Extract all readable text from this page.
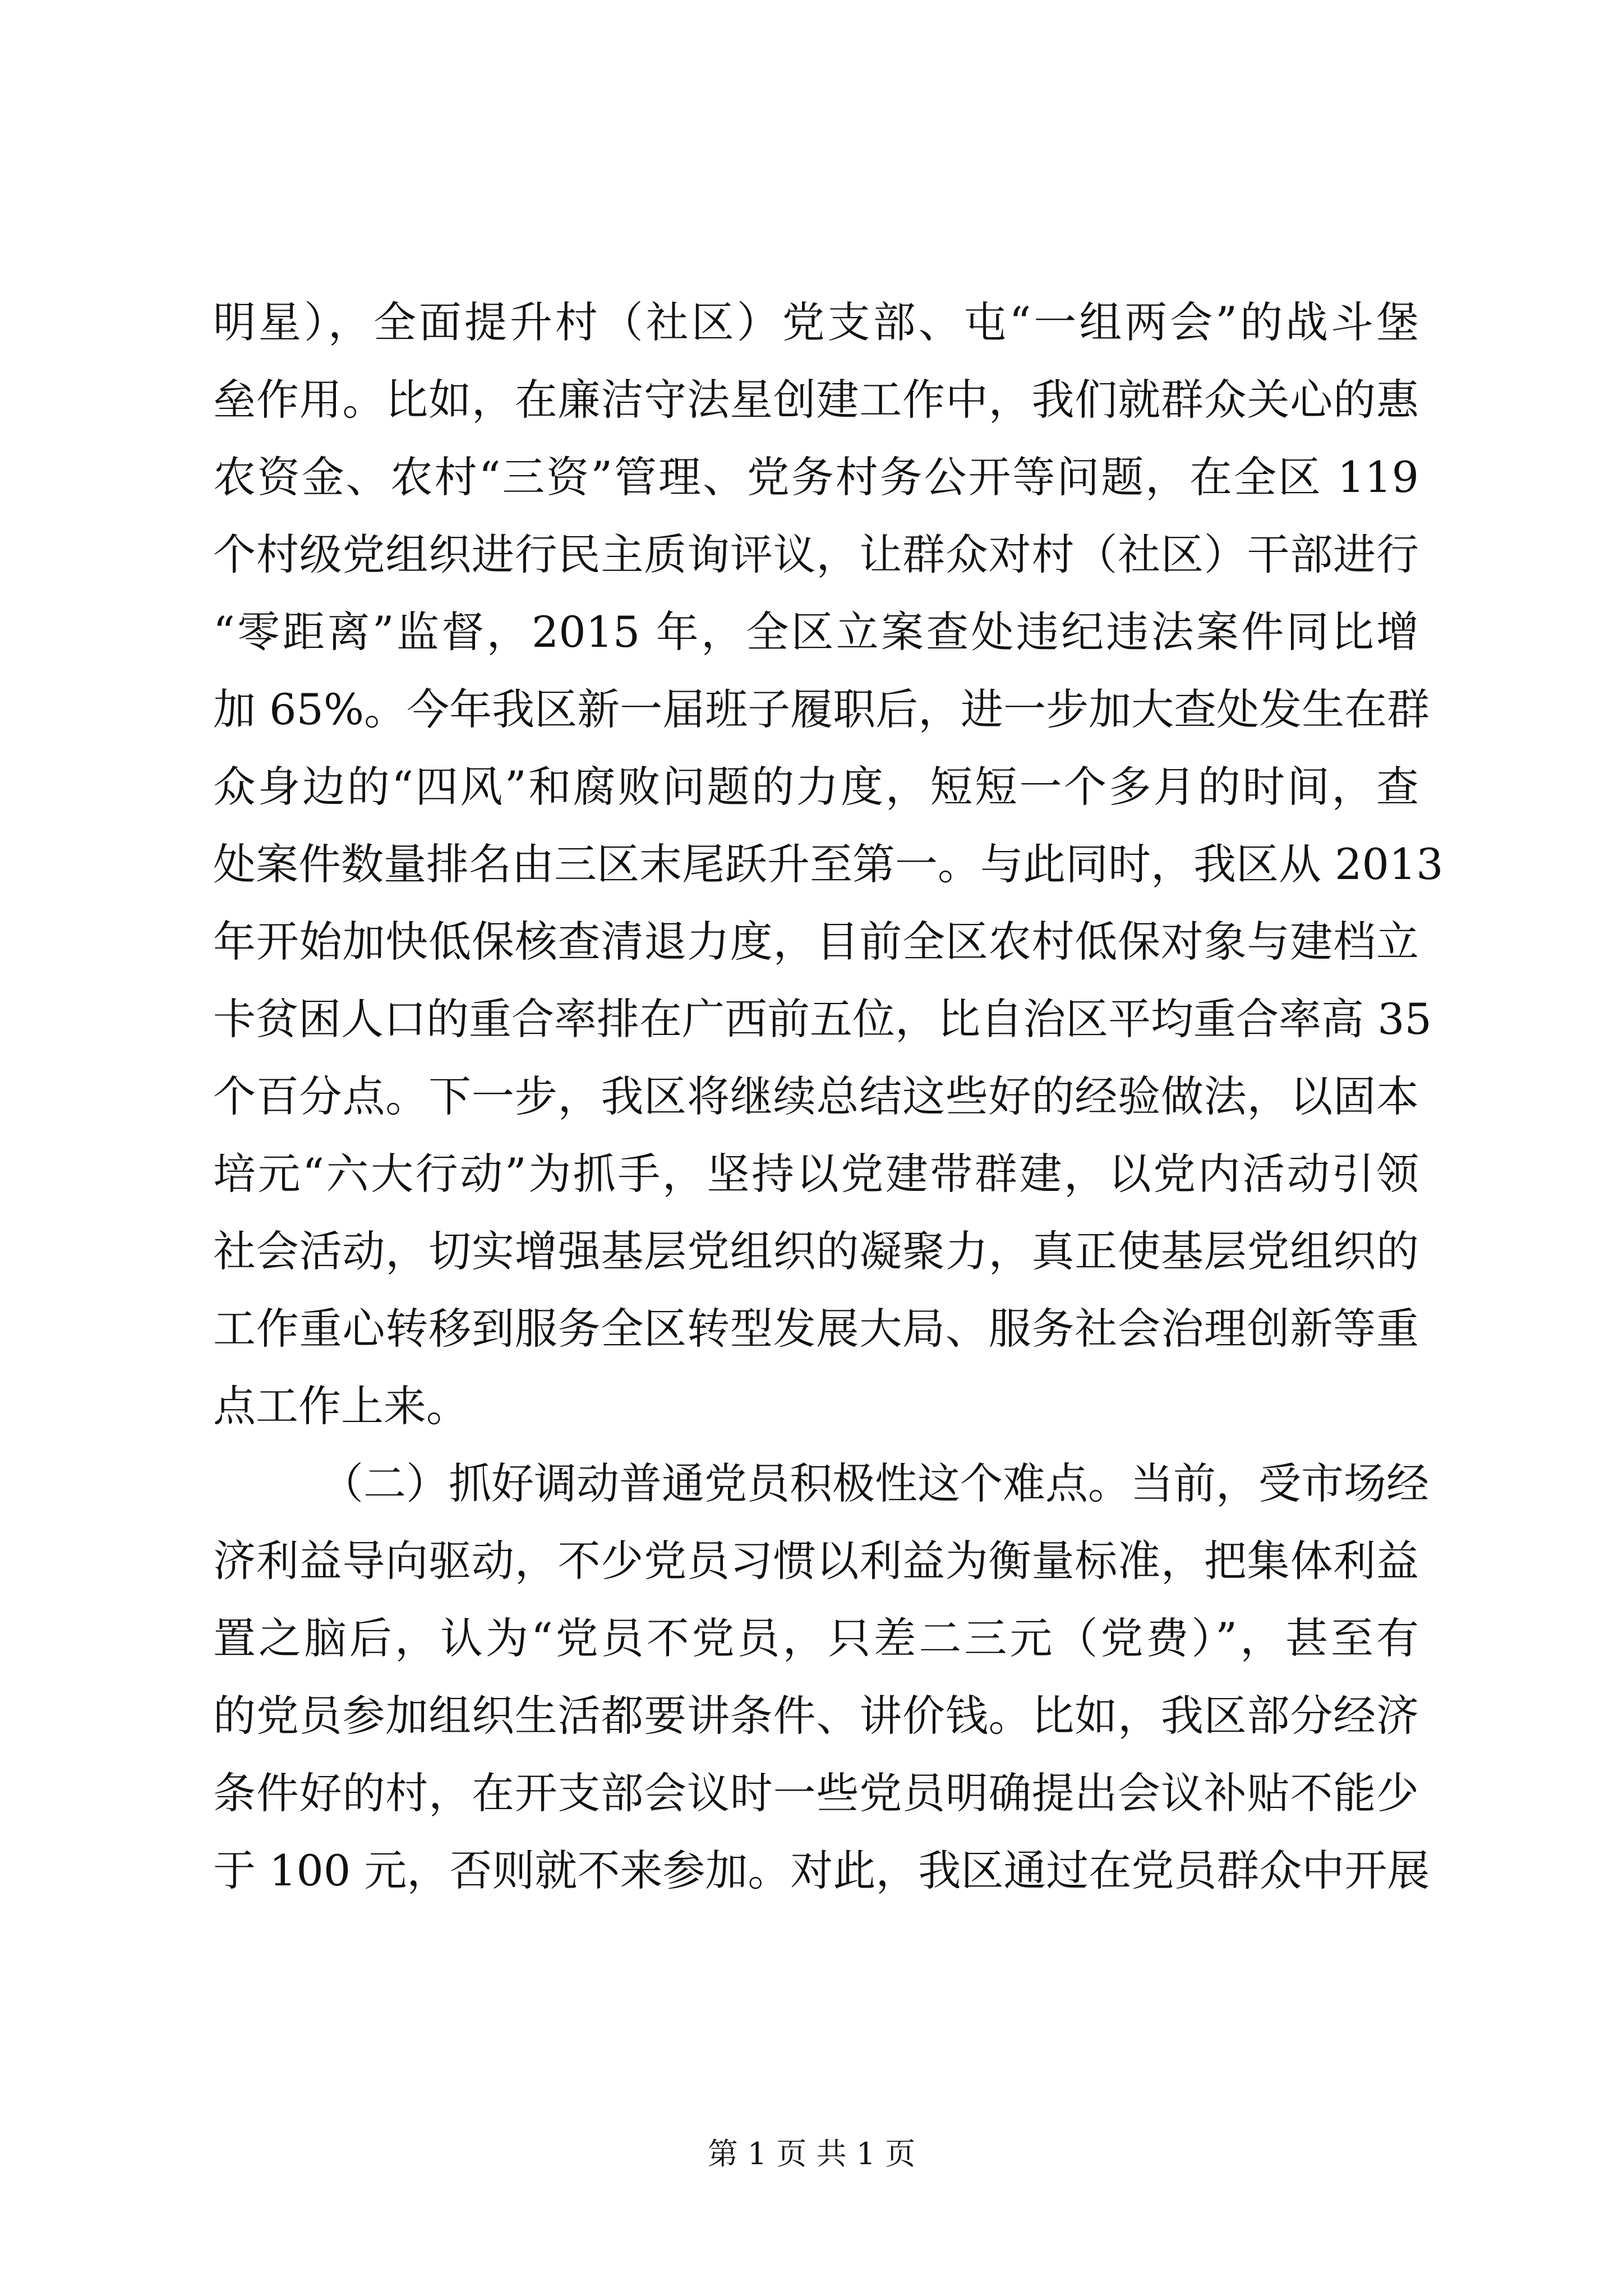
明星），全面提升村（社区）党支部、屯“一组两会”的战斗堡
垒作用。比如，在廉洁守法星创建工作中，我们就群众关心的惠
农资金、农村“三资”管理、党务村务公开等问题，在全区 119
个村级党组织进行民主质询评议，让群众对村（社区）干部进行
“零距离”监督，2015 年，全区立案查处违纪违法案件同比增
加 65%。今年我区新一届班子履职后，进一步加大查处发生在群
众身边的“四风”和腐败问题的力度，短短一个多月的时间，查
处案件数量排名由三区末尾跃升至第一。与此同时，我区从 2013
年开始加快低保核查清退力度，目前全区农村低保对象与建档立
卡贫困人口的重合率排在广西前五位，比自治区平均重合率高 35
个百分点。下一步，我区将继续总结这些好的经验做法，以固本
培元“六大行动”为抓手，坚持以党建带群建，以党内活动引领
社会活动，切实增强基层党组织的凝聚力，真正使基层党组织的
工作重心转移到服务全区转型发展大局、服务社会治理创新等重
点工作上来。
（二）抓好调动普通党员积极性这个难点。当前，受市场经
济利益导向驱动，不少党员习惯以利益为衡量标准，把集体利益
置之脑后，认为“党员不党员，只差二三元（党费）”，甚至有
的党员参加组织生活都要讲条件、讲价钱。比如，我区部分经济
条件好的村，在开支部会议时一些党员明确提出会议补贴不能少
于 100 元，否则就不来参加。对此，我区通过在党员群众中开展
第 1 页 共 1 页
